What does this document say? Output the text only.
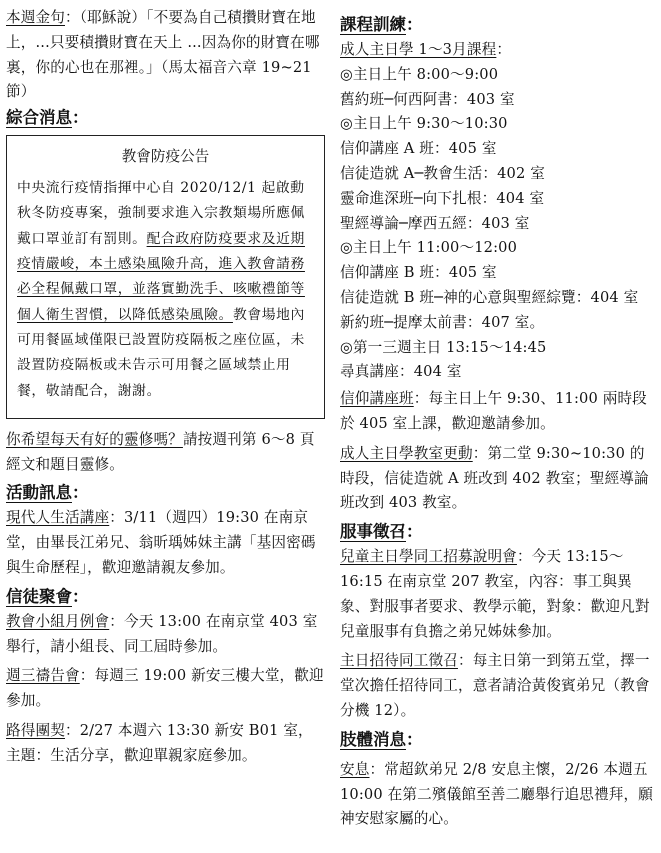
本週金句：（耶穌說）「不要為自己積攢財寶在地上，...只要積攢財寶在天上 ...因為你的財寶在哪裏，你的心也在那裡。」（馬太福音六章 19~21 節）

綜合消息：

教會防疫公告

中央流行疫情指揮中心自 2020/12/1 起啟動秋冬防疫專案，強制要求進入宗教類場所應佩戴口罩並訂有罰則。配合政府防疫要求及近期疫情嚴峻，本土感染風險升高，進入教會請務必全程佩戴口罩，並落實勤洗手、咳嗽禮節等個人衛生習慣，以降低感染風險。教會場地內可用餐區域僅限已設置防疫隔板之座位區，未設置防疫隔板或未告示可用餐之區域禁止用餐，敬請配合，謝謝。

你希望每天有好的靈修嗎？請按週刊第 6～8 頁經文和題目靈修。

活動訊息：

現代人生活講座：3/11（週四）19:30 在南京堂，由畢長江弟兄、翁昕瑀姊妹主講「基因密碼與生命歷程」，歡迎邀請親友參加。

信徒聚會：

教會小組月例會：今天 13:00 在南京堂 403 室舉行，請小組長、同工屆時參加。

週三禱告會：每週三 19:00 新安三樓大堂，歡迎參加。

路得團契：2/27 本週六 13:30 新安 B01 室，主題：生活分享，歡迎單親家庭參加。

課程訓練：

成人主日學 1～3月課程：

◎主日上午 8:00～9:00

舊約班─何西阿書：403 室

◎主日上午 9:30～10:30

信仰講座 A 班：405 室

信徒造就 A─教會生活：402 室

靈命進深班─向下扎根：404 室

聖經導論─摩西五經：403 室

◎主日上午 11:00～12:00

信仰講座 B 班：405 室

信徒造就 B 班─神的心意與聖經綜覽：404 室

新約班─提摩太前書：407 室。

◎第一三週主日 13:15～14:45

尋真講座：404 室

信仰講座班：每主日上午 9:30、11:00 兩時段於 405 室上課，歡迎邀請參加。

成人主日學教室更動：第二堂 9:30~10:30 的時段，信徒造就 A 班改到 402 教室；聖經導論班改到 403 教室。

服事徵召：

兒童主日學同工招募說明會：今天 13:15～16:15 在南京堂 207 教室，內容：事工與異象、對服事者要求、教學示範，對象：歡迎凡對兒童服事有負擔之弟兄姊妹參加。

主日招待同工徵召：每主日第一到第五堂，擇一堂次擔任招待同工，意者請洽黃俊賓弟兄（教會分機 12）。

肢體消息：

安息：常超欽弟兄 2/8 安息主懷，2/26 本週五 10:00 在第二殯儀館至善二廳舉行追思禮拜，願神安慰家屬的心。
